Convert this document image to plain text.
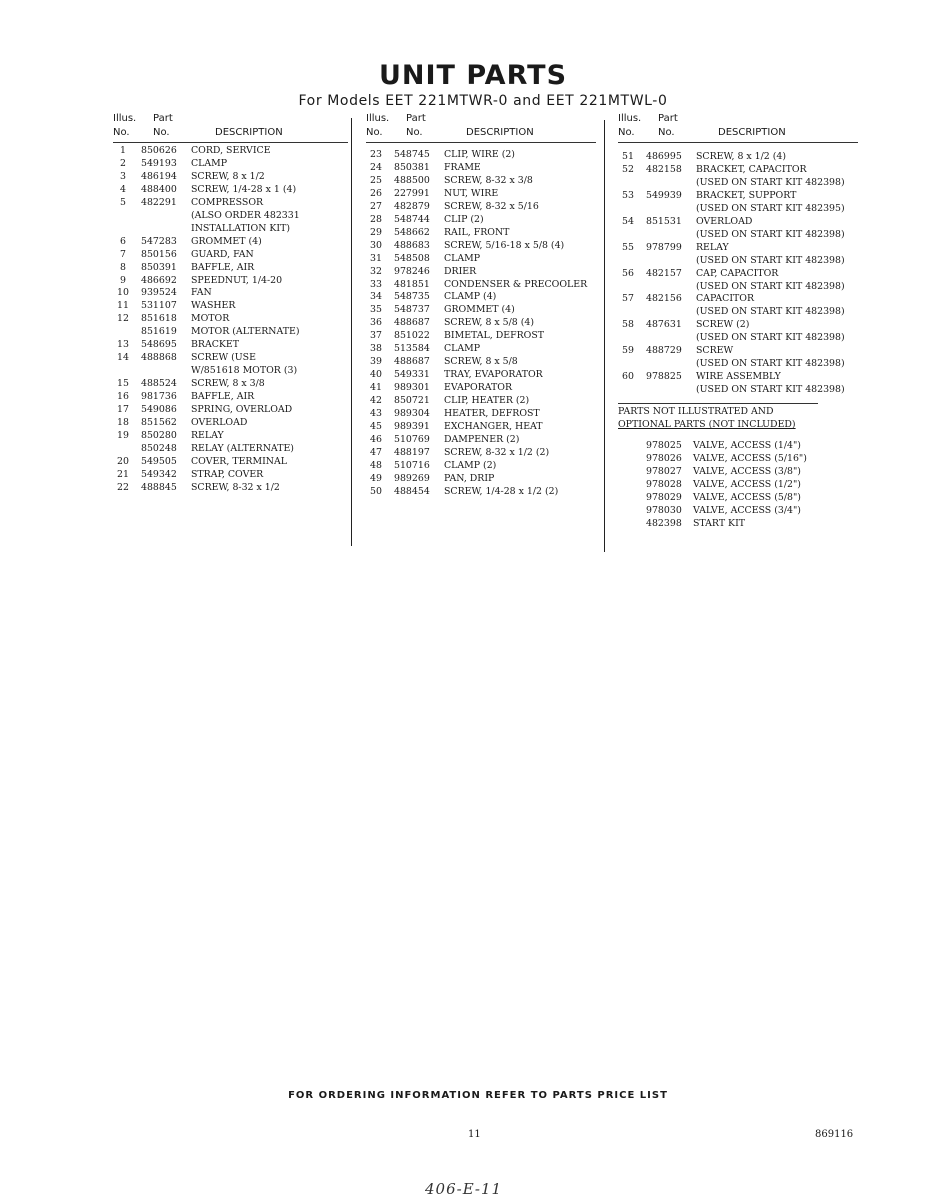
UNIT PARTS
For Models EET 221MTWR-0 and EET 221MTWL-0
Illus. Part
No. No.	DESCRIPTION
1	850626	CORD, SERVICE
2	549193	CLAMP
3	486194	SCREW, 8 x 1/2
4	488400	SCREW, 1/4-28 x 1 (4)
5	482291	COMPRESSOR
(ALSO ORDER 482331
INSTALLATION KIT)
6	547283	GROMMET (4)
7	850156	GUARD, FAN
8	850391	BAFFLE, AIR
9	486692	SPEEDNUT, 1/4-20
10	939524	FAN
11	531107	WASHER
12	851618	MOTOR
851619	MOTOR (ALTERNATE)
13	548695	BRACKET
14	488868	SCREW (USE
W/851618 MOTOR (3)
15	488524	SCREW, 8 x 3/8
16	981736	BAFFLE, AIR
17	549086	SPRING, OVERLOAD
18	851562	OVERLOAD
19	850280	RELAY
850248	RELAY (ALTERNATE)
20	549505	COVER, TERMINAL
21	549342	STRAP, COVER
22	488845	SCREW, 8-32 x 1/2
Illus. Part
No. No.	DESCRIPTION
23	548745	CLIP, WIRE (2)
24	850381	FRAME
25	488500	SCREW, 8-32 x 3/8
26	227991	NUT, WIRE
27	482879	SCREW, 8-32 x 5/16
28	548744	CLIP (2)
29	548662	RAIL, FRONT
30	488683	SCREW, 5/16-18 x 5/8 (4)
31	548508	CLAMP
32	978246	DRIER
33	481851	CONDENSER & PRECOOLER
34	548735	CLAMP (4)
35	548737	GROMMET (4)
36	488687	SCREW, 8 x 5/8 (4)
37	851022	BIMETAL, DEFROST
38	513584	CLAMP
39	488687	SCREW, 8 x 5/8
40	549331	TRAY, EVAPORATOR
41	989301	EVAPORATOR
42	850721	CLIP, HEATER (2)
43	989304	HEATER, DEFROST
45	989391	EXCHANGER, HEAT
46	510769	DAMPENER (2)
47	488197	SCREW, 8-32 x 1/2 (2)
48	510716	CLAMP (2)
49	989269	PAN, DRIP
50	488454	SCREW, 1/4-28 x 1/2 (2)
Illus. Part
No. No.	DESCRIPTION
51	486995	SCREW, 8 x 1/2 (4)
52	482158	BRACKET, CAPACITOR
(USED ON START KIT 482398)
53	549939	BRACKET, SUPPORT
(USED ON START KIT 482395)
54	851531	OVERLOAD
(USED ON START KIT 482398)
55	978799	RELAY
(USED ON START KIT 482398)
56	482157	CAP, CAPACITOR
(USED ON START KIT 482398)
57	482156	CAPACITOR
(USED ON START KIT 482398)
58	487631	SCREW (2)
(USED ON START KIT 482398)
59	488729	SCREW
(USED ON START KIT 482398)
60	978825	WIRE ASSEMBLY
(USED ON START KIT 482398)
PARTS NOT ILLUSTRATED AND
OPTIONAL PARTS (NOT INCLUDED)
978025	VALVE, ACCESS (1/4")
978026	VALVE, ACCESS (5/16")
978027	VALVE, ACCESS (3/8")
978028	VALVE, ACCESS (1/2")
978029	VALVE, ACCESS (5/8")
978030	VALVE, ACCESS (3/4")
482398	START KIT
FOR ORDERING INFORMATION REFER TO PARTS PRICE LIST
11	869116
406-E-11
